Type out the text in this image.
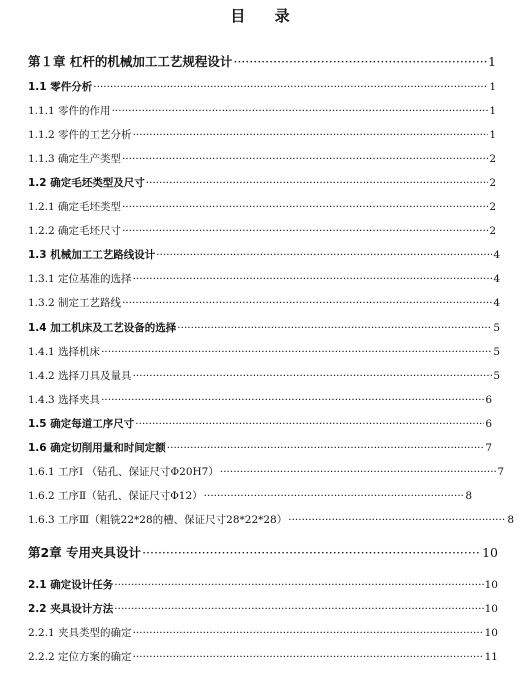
目 录
第１章 杠杆的机械加工工艺规程设计 ·····	1
1.1 零件分析 ·····	1
1.1.1 零件的作用 ·····	1
1.1.2 零件的工艺分析 ·····	1
1.1.3 确定生产类型 ·····	2
1.2 确定毛坯类型及尺寸 ·····	2
1.2.1 确定毛坯类型 ·····	2
1.2.2 确定毛坯尺寸 ·····	2
1.3 机械加工工艺路线设计 ·····	4
1.3.1 定位基准的选择 ·····	4
1.3.2 制定工艺路线 ·····	4
1.4 加工机床及工艺设备的选择 ·····	5
1.4.1 选择机床 ·····	5
1.4.2 选择刀具及量具 ·····	5
1.4.3 选择夹具 ·····	6
1.5 确定每道工序尺寸 ·····	6
1.6 确定切削用量和时间定额 ·····	7
1.6.1 工序Ⅰ （钻孔、保证尺寸Φ20H7） ·····	7
1.6.2 工序Ⅱ（钻孔、保证尺寸Φ12） ·····	8
1.6.3 工序Ⅲ（粗铣22*28的槽、保证尺寸28*22*28） ·····	8
第2章 专用夹具设计 ·····	10
2.1 确定设计任务 ·····	10
2.2 夹具设计方法 ·····	10
2.2.1 夹具类型的确定 ·····	10
2.2.2 定位方案的确定 ·····	11
